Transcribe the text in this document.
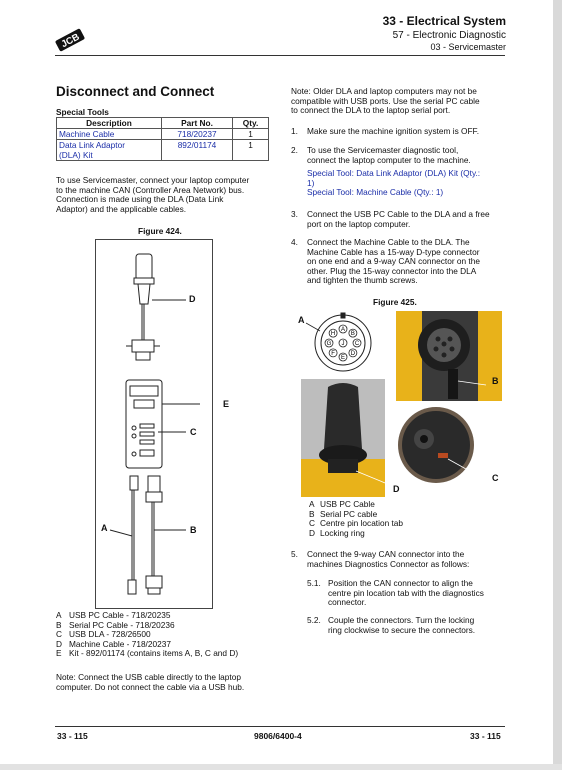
JCB
33 - Electrical System
57 - Electronic Diagnostic
03 - Servicemaster
Disconnect and Connect
Special Tools
Description	Part No.	Qty.
Machine Cable	718/20237	1

Data Link Adaptor
(DLA) Kit	892/01174	1
To use Servicemaster, connect your laptop computer
to the machine CAN (Controller Area Network) bus.
Connection is made using the DLA (Data Link
Adaptor) and the applicable cables.
Figure 424.
D
E
C
A	B
A USB PC Cable - 718/20235
B Serial PC Cable - 718/20236
C USB DLA - 728/26500
D Machine Cable - 718/20237
E Kit - 892/01174 (contains items A, B, C and D)
Note: Connect the USB cable directly to the laptop
computer. Do not connect the cable via a USB hub.
Note: Older DLA and laptop computers may not be
compatible with USB ports. Use the serial PC cable
to connect the DLA to the laptop serial port.
1. Make sure the machine ignition system is OFF.
2. To use the Servicemaster diagnostic tool,
connect the laptop computer to the machine.
Special Tool: Data Link Adaptor (DLA) Kit (Qty.:
1)
Special Tool: Machine Cable (Qty.: 1)
3. Connect the USB PC Cable to the DLA and a free
port on the laptop computer.
4. Connect the Machine Cable to the DLA. The
Machine Cable has a 15-way D-type connector
on one end and a 9-way CAN connector on the
other. Plug the 15-way connector into the DLA
and tighten the thumb screws.
Figure 425.
A
B
C
D
E
F
G
H
J
A
B
C
D
A USB PC Cable
B Serial PC cable
C Centre pin location tab
D Locking ring
5. Connect the 9-way CAN connector into the
machines Diagnostics Connector as follows:
5.1. Position the CAN connector to align the
centre pin location tab with the diagnostics
connector.
5.2. Couple the connectors. Turn the locking
ring clockwise to secure the connectors.
33 - 115	9806/6400-4	33 - 115
